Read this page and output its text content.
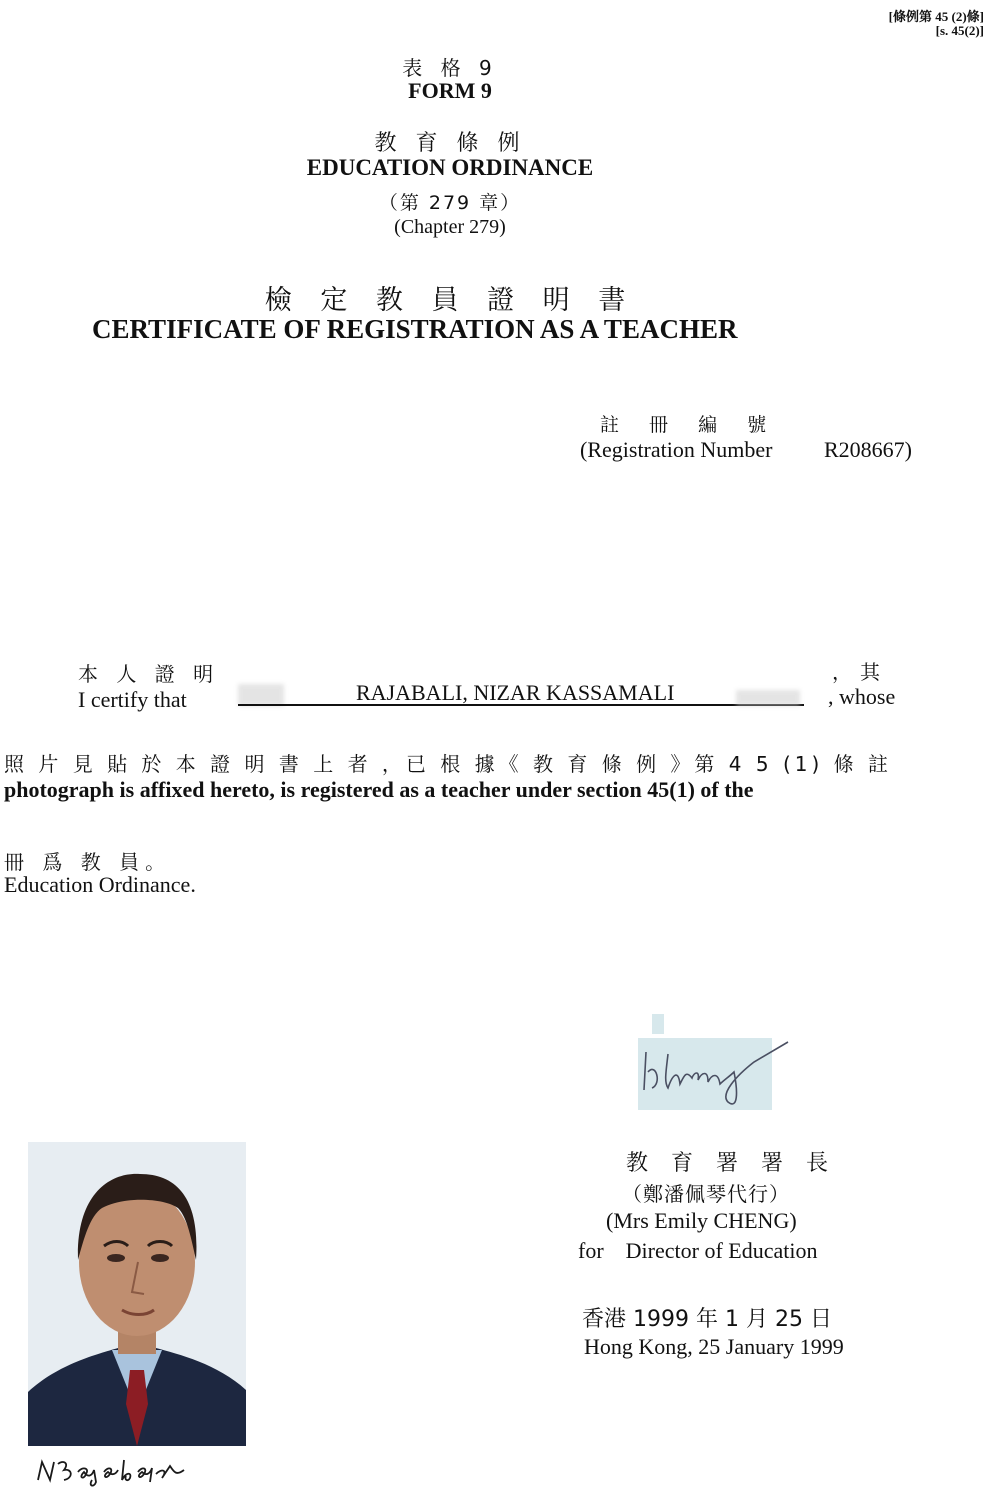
[條例第 45 (2)條]
[s. 45(2)]
表 格 9
FORM 9
教 育 條 例
EDUCATION ORDINANCE
（第 279 章）
(Chapter 279)
檢 定 教 員 證 明 書
CERTIFICATE OF REGISTRATION AS A TEACHER
註 冊 編 號
(Registration Number R208667)
本 人 證 明
I certify that	RAJABALI, NIZAR KASSAMALI
，其
, whose
照 片 見 貼 於 本 證 明 書 上 者 ，已 根 據《 教 育 條 例 》第 4 5 (1) 條 註
photograph is affixed hereto, is registered as a teacher under section 45(1) of the
冊 爲 教 員。
Education Ordinance.
教 育 署 署 長
（鄭潘佩琴代行）
(Mrs Emily CHENG)
for    Director of Education
香港 1999 年 1 月 25 日
Hong Kong, 25 January 1999
